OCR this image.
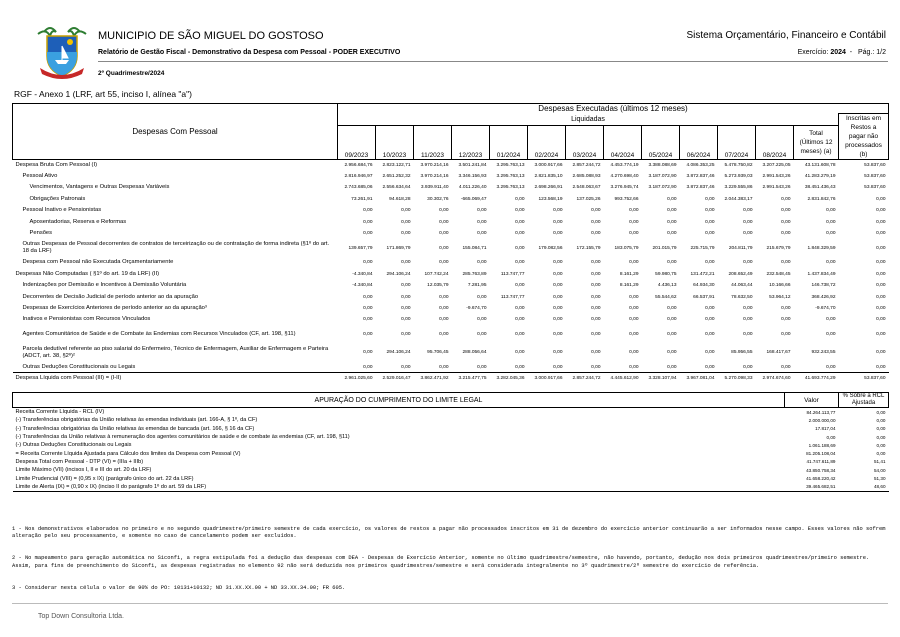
MUNICIPIO DE SÃO MIGUEL DO GOSTOSO	Sistema Orçamentário, Financeiro e Contábil
Relatório de Gestão Fiscal - Demonstrativo da Despesa com Pessoal - PODER EXECUTIVO	Exercício: 2024  -   Pág.: 1/2
2º Quadrimestre/2024
RGF - Anexo 1 (LRF, art 55, inciso I, alínea "a")
Despesas Com Pessoal	Despesas Executadas (últimos 12 meses)													
	Liquidadas													Inscritas em Restos a pagar não processados (b)
	09/2023	10/2023	11/2023	12/2023	01/2024	02/2024	03/2024	04/2024	05/2024	06/2024	07/2024	08/2024	Total (Últimos 12 meses) (a)	
Despesa Bruta Com Pessoal (I)	2.956.684,76	2.823.122,71	3.970.214,16	3.501.241,84	3.295.763,13	3.000.917,66	2.857.244,72	4.453.774,19	3.388.088,69	4.086.353,25	5.478.750,82	3.207.225,05	43.131.608,78	53.837,60
Pessoal Ativo	2.816.946,97	2.651.252,32	3.970.214,16	3.346.156,93	3.295.763,13	2.821.835,10	2.685.088,93	4.270.698,40	3.187.072,90	3.872.837,46	5.273.939,03	2.991.543,26	41.283.279,19	53.837,60
Vencimentos, Vantagens e Outras Despesas Variáveis	2.743.685,06	2.556.634,64	3.939.911,40	4.011.226,40	3.295.763,13	2.698.266,91	2.548.063,67	3.276.945,74	3.187.072,90	3.872.837,46	3.229.555,86	2.991.543,26	38.451.436,43	53.837,60
Obrigações Patronais	73.261,91	94.618,28	30.302,76	-665.069,47	0,00	123.568,19	137.025,26	993.752,66	0,00	0,00	2.044.383,17	0,00	2.831.842,76	0,00
Pessoal Inativo e Pensionistas	0,00	0,00	0,00	0,00	0,00	0,00	0,00	0,00	0,00	0,00	0,00	0,00	0,00	0,00
Aposentadorias, Reserva e Reformas	0,00	0,00	0,00	0,00	0,00	0,00	0,00	0,00	0,00	0,00	0,00	0,00	0,00	0,00
Pensões	0,00	0,00	0,00	0,00	0,00	0,00	0,00	0,00	0,00	0,00	0,00	0,00	0,00	0,00
Outras Despesas de Pessoal decorrentes de contratos de terceirização ou de contratação de forma indireta (§1º do art. 18 da LRF)	139.657,79	171.869,79	0,00	155.084,71	0,00	179.082,56	172.155,79	183.075,79	201.015,79	225.715,79	204.811,79	215.679,79	1.848.329,59	0,00
Despesa com Pessoal não Executada Orçamentariamente	0,00	0,00	0,00	0,00	0,00	0,00	0,00	0,00	0,00	0,00	0,00	0,00	0,00	0,00
Despesas Não Computadas ( §1º do art. 19 da LRF) (II)	-4.340,84	294.106,24	107.742,24	285.763,89	113.747,77	0,00	0,00	8.161,29	59.980,75	131.472,21	208.652,49	232.548,45	1.437.834,49	0,00
Indenizações por Demissão e Incentivos à Demissão Voluntária	-4.340,84	0,00	12.035,79	7.281,95	0,00	0,00	0,00	8.161,29	4.436,13	64.934,30	44.063,44	10.166,66	146.738,72	0,00
Decorrentes de Decisão Judicial de período anterior ao da apuração	0,00	0,00	0,00	0,00	113.747,77	0,00	0,00	0,00	55.544,62	66.537,91	78.632,50	53.964,12	368.426,92	0,00
Despesas de Exercícios Anteriores de período anterior ao da apuração³	0,00	0,00	0,00	-9.674,70	0,00	0,00	0,00	0,00	0,00	0,00	0,00	0,00	-9.674,70	0,00
Inativos e Pensionistas com Recursos Vinculados	0,00	0,00	0,00	0,00	0,00	0,00	0,00	0,00	0,00	0,00	0,00	0,00	0,00	0,00
Agentes Comunitários de Saúde e de Combate às Endemias com Recursos Vinculados (CF, art. 198, §11)	0,00	0,00	0,00	0,00	0,00	0,00	0,00	0,00	0,00	0,00	0,00	0,00	0,00	0,00
Parcela dedutível referente ao piso salarial do Enfermeiro, Técnico de Enfermagem, Auxiliar de Enfermagem e Parteira (ADCT, art. 38, §2º)²	0,00	294.106,24	95.706,45	288.056,64	0,00	0,00	0,00	0,00	0,00	0,00	85.956,55	168.417,67	932.243,55	0,00
Outras Deduções Constitucionais ou Legais	0,00	0,00	0,00	0,00	0,00	0,00	0,00	0,00	0,00	0,00	0,00	0,00	0,00	0,00
Despesa Líquida com Pessoal (III) = (I-II)	2.961.025,60	2.529.016,47	3.862.471,92	3.215.477,75	3.282.045,36	3.000.917,66	2.857.244,72	4.445.612,90	3.328.107,94	3.967.081,04	5.270.098,33	2.974.674,60	41.693.774,29	53.837,60
APURAÇÃO DO CUMPRIMENTO DO LIMITE LEGAL	Valor	% Sobre a RCL Ajustada
Receita Corrente Líquida - RCL (IV)	84.264.113,77	0,00
(-) Transferências obrigatórias da União relativas às emendas individuais (art. 166-A, § 1º, da CF)	2.000.000,00	0,00
(-) Transferências obrigatórias da União relativas às emendas de bancada (art. 166, § 16 da CF)	17.817,04	0,00
(-) Transferências da União relativas à remuneração dos agentes comunitários de saúde e de combate às endemias (CF, art. 198, §11)	0,00	0,00
(-) Outras Deduções Constitucionais ou Legais	1.061.188,69	0,00
= Receita Corrente Líquida Ajustada para Cálculo dos limites da Despesa com Pessoal (V)	81.205.108,04	0,00
Despesa Total com Pessoal - DTP (VI) = (IIIa + IIIb)	41.747.611,89	51,41
Limite Máximo (VII) (incisos I, II e III do art. 20 da LRF)	43.850.758,34	54,00
Limite Prudencial (VIII) = (0,95 x IX) (parágrafo único do art. 22 da LRF)	41.658.220,42	51,30
Limite de Alerta (IX) = (0,90 x IX) (inciso II do parágrafo 1º do art. 59 da LRF)	39.465.682,51	48,60

1 - Nos demonstrativos elaborados no primeiro e no segundo quadrimestre/primeiro semestre de cada exercício, os valores de restos a pagar não processados inscritos em 31 de dezembro do exercício anterior continuarão a ser informados nesse campo. Esses valores não sofrem alteração pelo seu processamento, e somente no caso de cancelamento podem ser excluídos.

2 - No mapeamento para geração automática no Siconfi, a regra estipulada foi a dedução das despesas com DEA - Despesas de Exercício Anterior, somente no último quadrimestre/semestre, não havendo, portanto, dedução nos dois primeiros quadrimestres/primeiro semestre. Assim, para fins de preenchimento do Siconfi, as despesas registradas no elemento 92 não será deduzida nos primeiros quadrimestres/semestre e será considerada integralmente no 3º quadrimestre/2º semestre do exercício de referência.

3 - Considerar nesta célula o valor de 90% do PO: 10131+10132; ND 31.XX.XX.00 + ND 33.XX.34.00; FR 605.

Top Down Consultoria Ltda.
